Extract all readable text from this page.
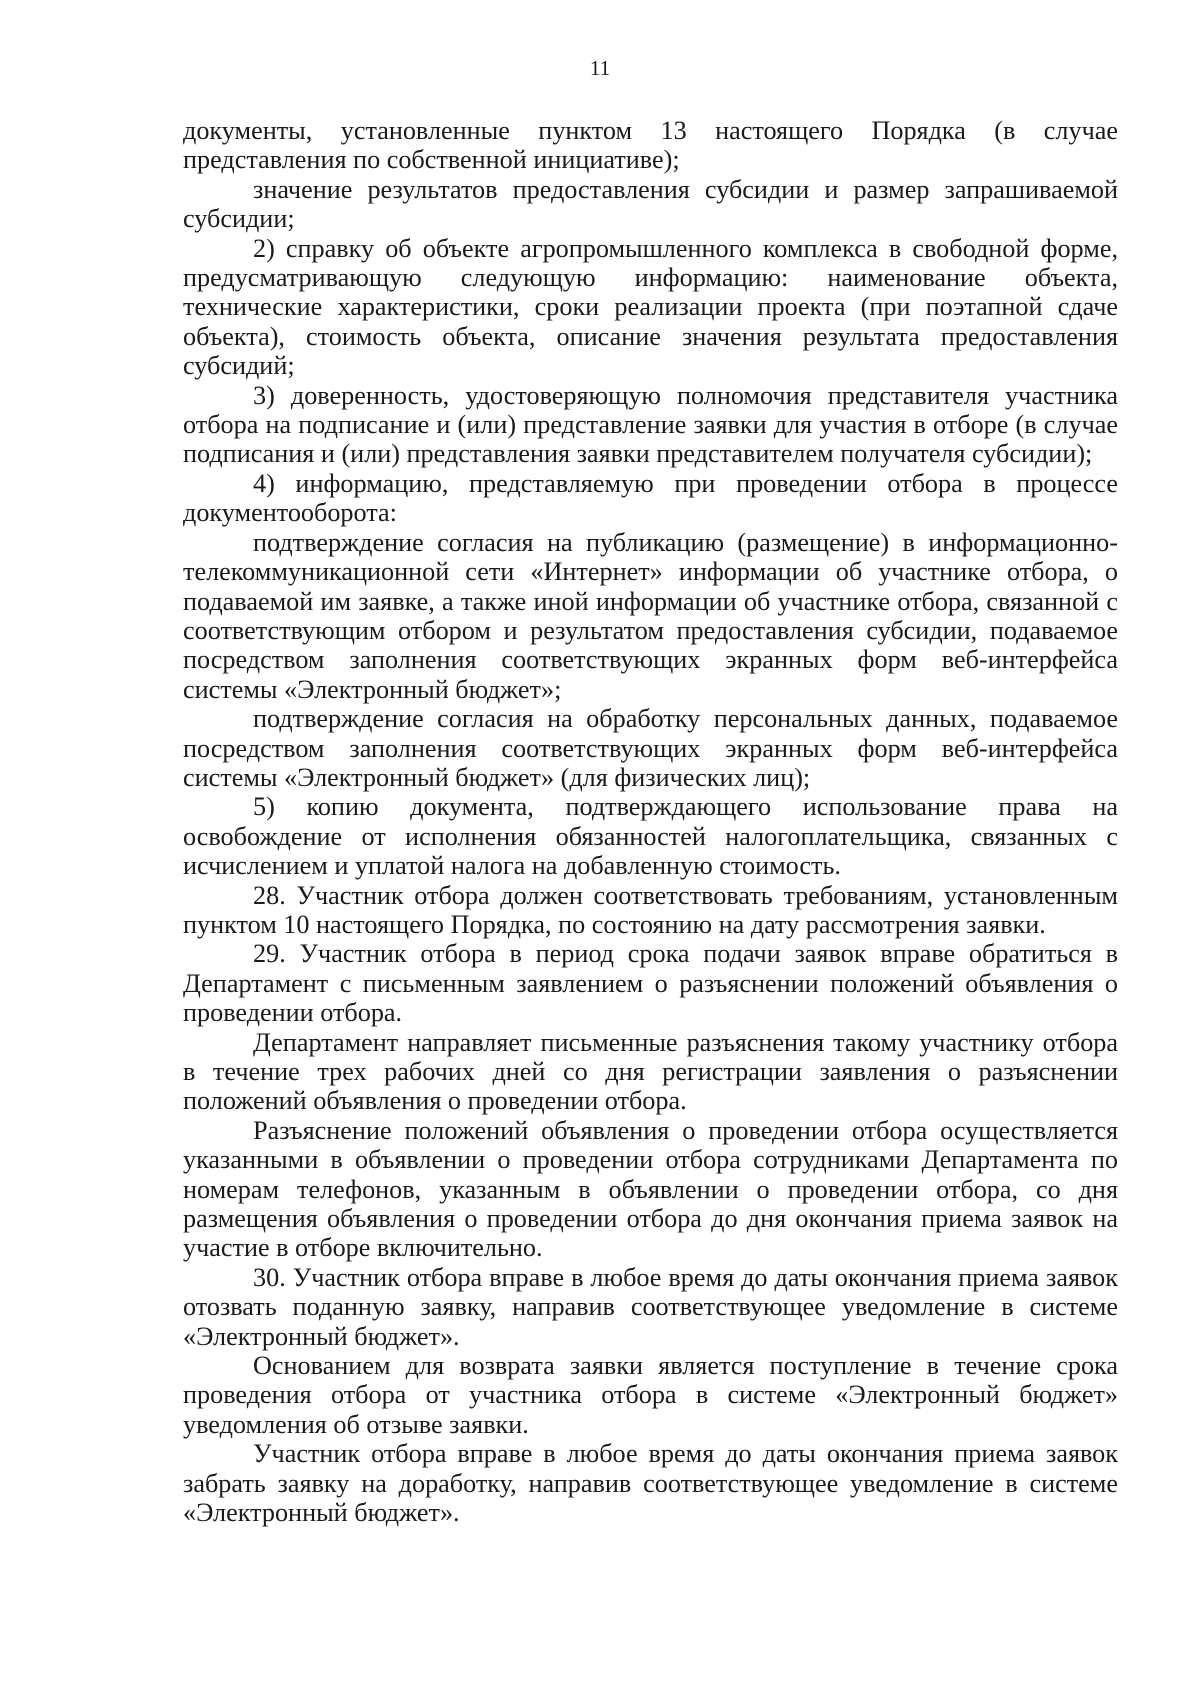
11

документы, установленные пунктом 13 настоящего Порядка (в случае представления по собственной инициативе);

значение результатов предоставления субсидии и размер запрашиваемой субсидии;

2) справку об объекте агропромышленного комплекса в свободной форме, предусматривающую следующую информацию: наименование объекта, технические характеристики, сроки реализации проекта (при поэтапной сдаче объекта), стоимость объекта, описание значения результата предоставления субсидий;

3) доверенность, удостоверяющую полномочия представителя участника отбора на подписание и (или) представление заявки для участия в отборе (в случае подписания и (или) представления заявки представителем получателя субсидии);

4) информацию, представляемую при проведении отбора в процессе документооборота:

подтверждение согласия на публикацию (размещение) в информационно-телекоммуникационной сети «Интернет» информации об участнике отбора, о подаваемой им заявке, а также иной информации об участнике отбора, связанной с соответствующим отбором и результатом предоставления субсидии, подаваемое посредством заполнения соответствующих экранных форм веб-интерфейса системы «Электронный бюджет»;

подтверждение согласия на обработку персональных данных, подаваемое посредством заполнения соответствующих экранных форм веб-интерфейса системы «Электронный бюджет» (для физических лиц);

5) копию документа, подтверждающего использование права на освобождение от исполнения обязанностей налогоплательщика, связанных с исчислением и уплатой налога на добавленную стоимость.

28. Участник отбора должен соответствовать требованиям, установленным пунктом 10 настоящего Порядка, по состоянию на дату рассмотрения заявки.

29. Участник отбора в период срока подачи заявок вправе обратиться в Департамент с письменным заявлением о разъяснении положений объявления о проведении отбора.

Департамент направляет письменные разъяснения такому участнику отбора в течение трех рабочих дней со дня регистрации заявления о разъяснении положений объявления о проведении отбора.

Разъяснение положений объявления о проведении отбора осуществляется указанными в объявлении о проведении отбора сотрудниками Департамента по номерам телефонов, указанным в объявлении о проведении отбора, со дня размещения объявления о проведении отбора до дня окончания приема заявок на участие в отборе включительно.

30. Участник отбора вправе в любое время до даты окончания приема заявок отозвать поданную заявку, направив соответствующее уведомление в системе «Электронный бюджет».

Основанием для возврата заявки является поступление в течение срока проведения отбора от участника отбора в системе «Электронный бюджет» уведомления об отзыве заявки.

Участник отбора вправе в любое время до даты окончания приема заявок забрать заявку на доработку, направив соответствующее уведомление в системе «Электронный бюджет».
